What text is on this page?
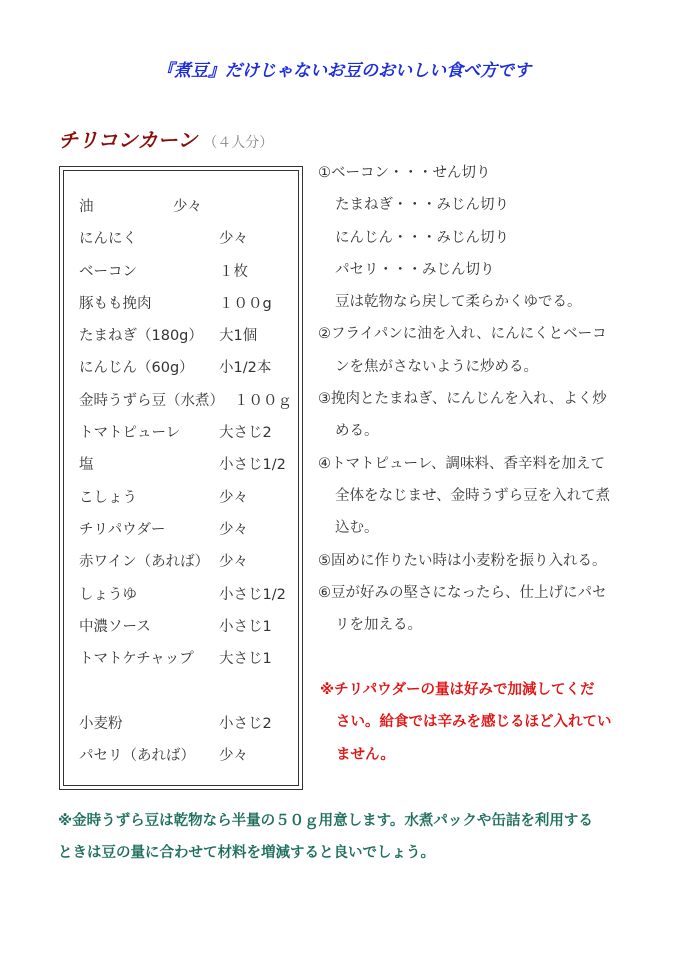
『煮豆』だけじゃないお豆のおいしい食べ方です
チリコンカーン （４人分）
油	少々
にんにく	少々
ベーコン	１枚
豚もも挽肉	１００g
たまねぎ（180g） 大1個
にんじん（60g） 小1/2本
金時うずら豆（水煮） １００ｇ
トマトピューレ	大さじ2
塩	小さじ1/2
こしょう	少々
チリパウダー	少々
赤ワイン（あれば） 少々
しょうゆ	小さじ1/2
中濃ソース	小さじ1
トマトケチャップ 大さじ1
小麦粉	小さじ2
パセリ（あれば） 少々
①ベーコン・・・せん切り
たまねぎ・・・みじん切り
にんじん・・・みじん切り
パセリ・・・みじん切り
豆は乾物なら戻して柔らかくゆでる。
②フライパンに油を入れ、にんにくとベーコ
ンを焦がさないように炒める。
③挽肉とたまねぎ、にんじんを入れ、よく炒
める。
④トマトピューレ、調味料、香辛料を加えて
全体をなじませ、金時うずら豆を入れて煮
込む。
⑤固めに作りたい時は小麦粉を振り入れる。
⑥豆が好みの堅さになったら、仕上げにパセ
リを加える。
※チリパウダーの量は好みで加減してくだ
さい。給食では辛みを感じるほど入れてい
ません。
※金時うずら豆は乾物なら半量の５０ｇ用意します。水煮パックや缶詰を利用する
ときは豆の量に合わせて材料を増減すると良いでしょう。
